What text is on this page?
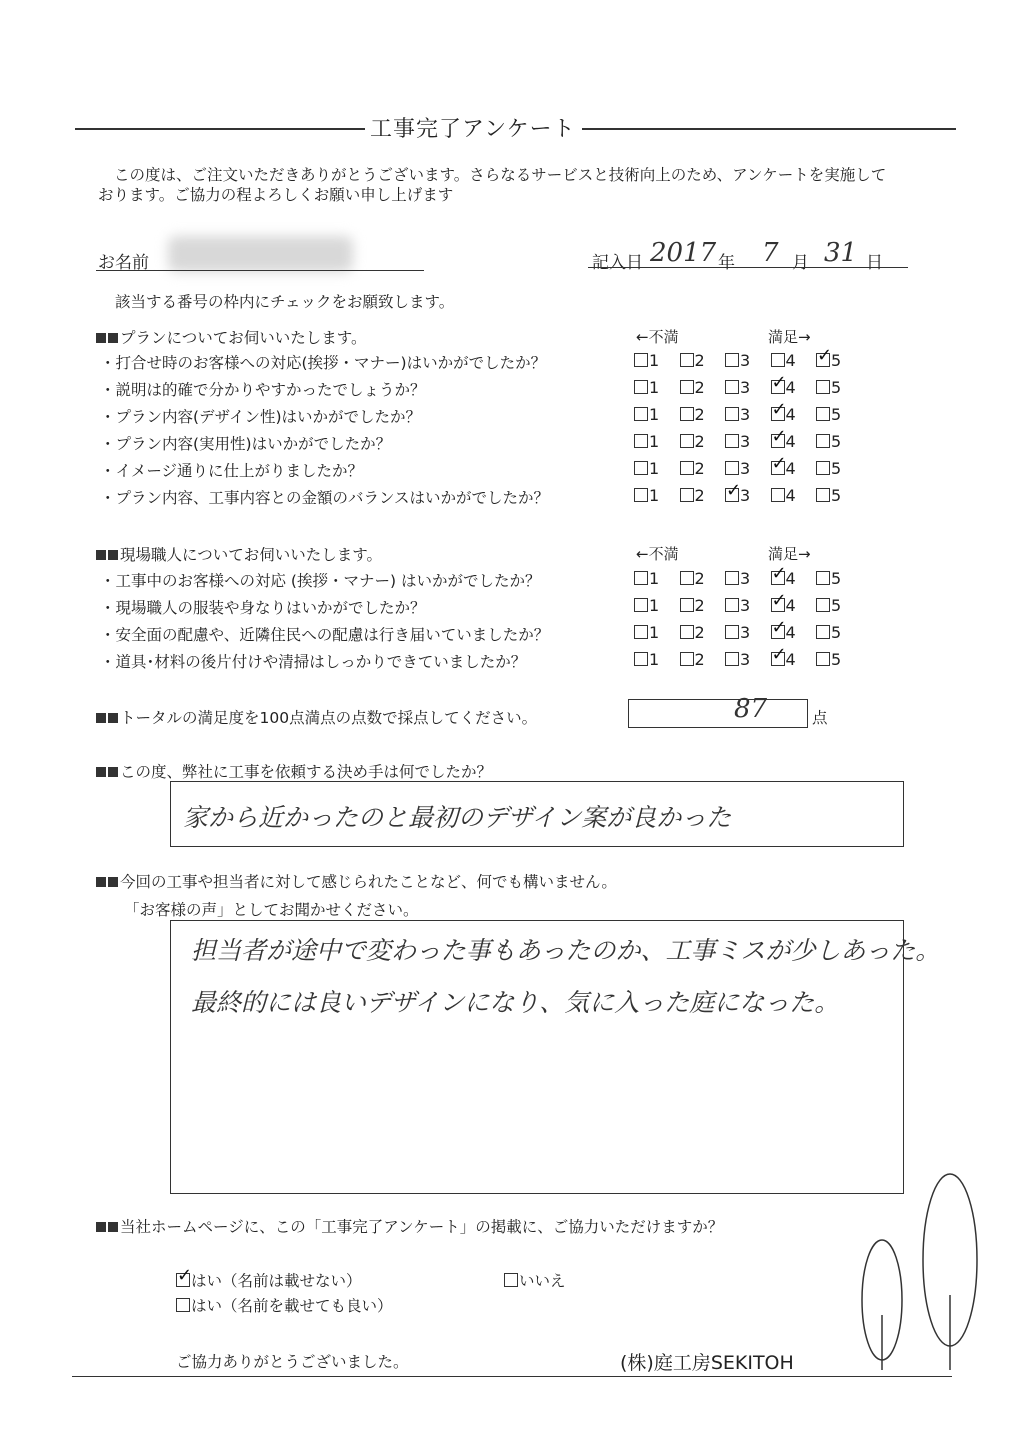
工事完了アンケート
この度は、ご注文いただきありがとうございます。さらなるサービスと技術向上のため、アンケートを実施して
おります。ご協力の程よろしくお願い申し上げます
お名前	記入日 2017 年 7 月 31 日
該当する番号の枠内にチェックをお願致します。
プランについてお伺いいたします。	←不満	満足→
・打合せ時のお客様への対応(挨拶・マナー)はいかがでしたか？	1	2	3	4 ✓	5
・説明は的確で分かりやすかったでしょうか？	1	2	3 ✓	4	5
・プラン内容(デザイン性)はいかがでしたか？	1	2	3 ✓	4	5
・プラン内容(実用性)はいかがでしたか？	1	2	3 ✓	4	5
・イメージ通りに仕上がりましたか？	1	2	3 ✓	4	5
・プラン内容、工事内容との金額のバランスはいかがでしたか？	1	2 ✓	3	4	5
現場職人についてお伺いいたします。	←不満	満足→
・工事中のお客様への対応 (挨拶・マナー) はいかがでしたか？	1	2	3 ✓	4	5
・現場職人の服装や身なりはいかがでしたか？	1	2	3 ✓	4	5
・安全面の配慮や、近隣住民への配慮は行き届いていましたか？	1	2	3 ✓	4	5
・道具･材料の後片付けや清掃はしっかりできていましたか？	1	2	3 ✓	4	5
トータルの満足度を100点満点の点数で採点してください。	87	点
この度、弊社に工事を依頼する決め手は何でしたか？
家から近かったのと最初のデザイン案が良かった
今回の工事や担当者に対して感じられたことなど、何でも構いません。
「お客様の声」としてお聞かせください。
担当者が途中で変わった事もあったのか、工事ミスが少しあった。
最終的には良いデザインになり、気に入った庭になった。
当社ホームページに、この「工事完了アンケート」の掲載に、ご協力いただけますか？
✓はい（名前は載せない）	いいえ
はい（名前を載せても良い）
ご協力ありがとうございました。	(株)庭工房SEKITOH
